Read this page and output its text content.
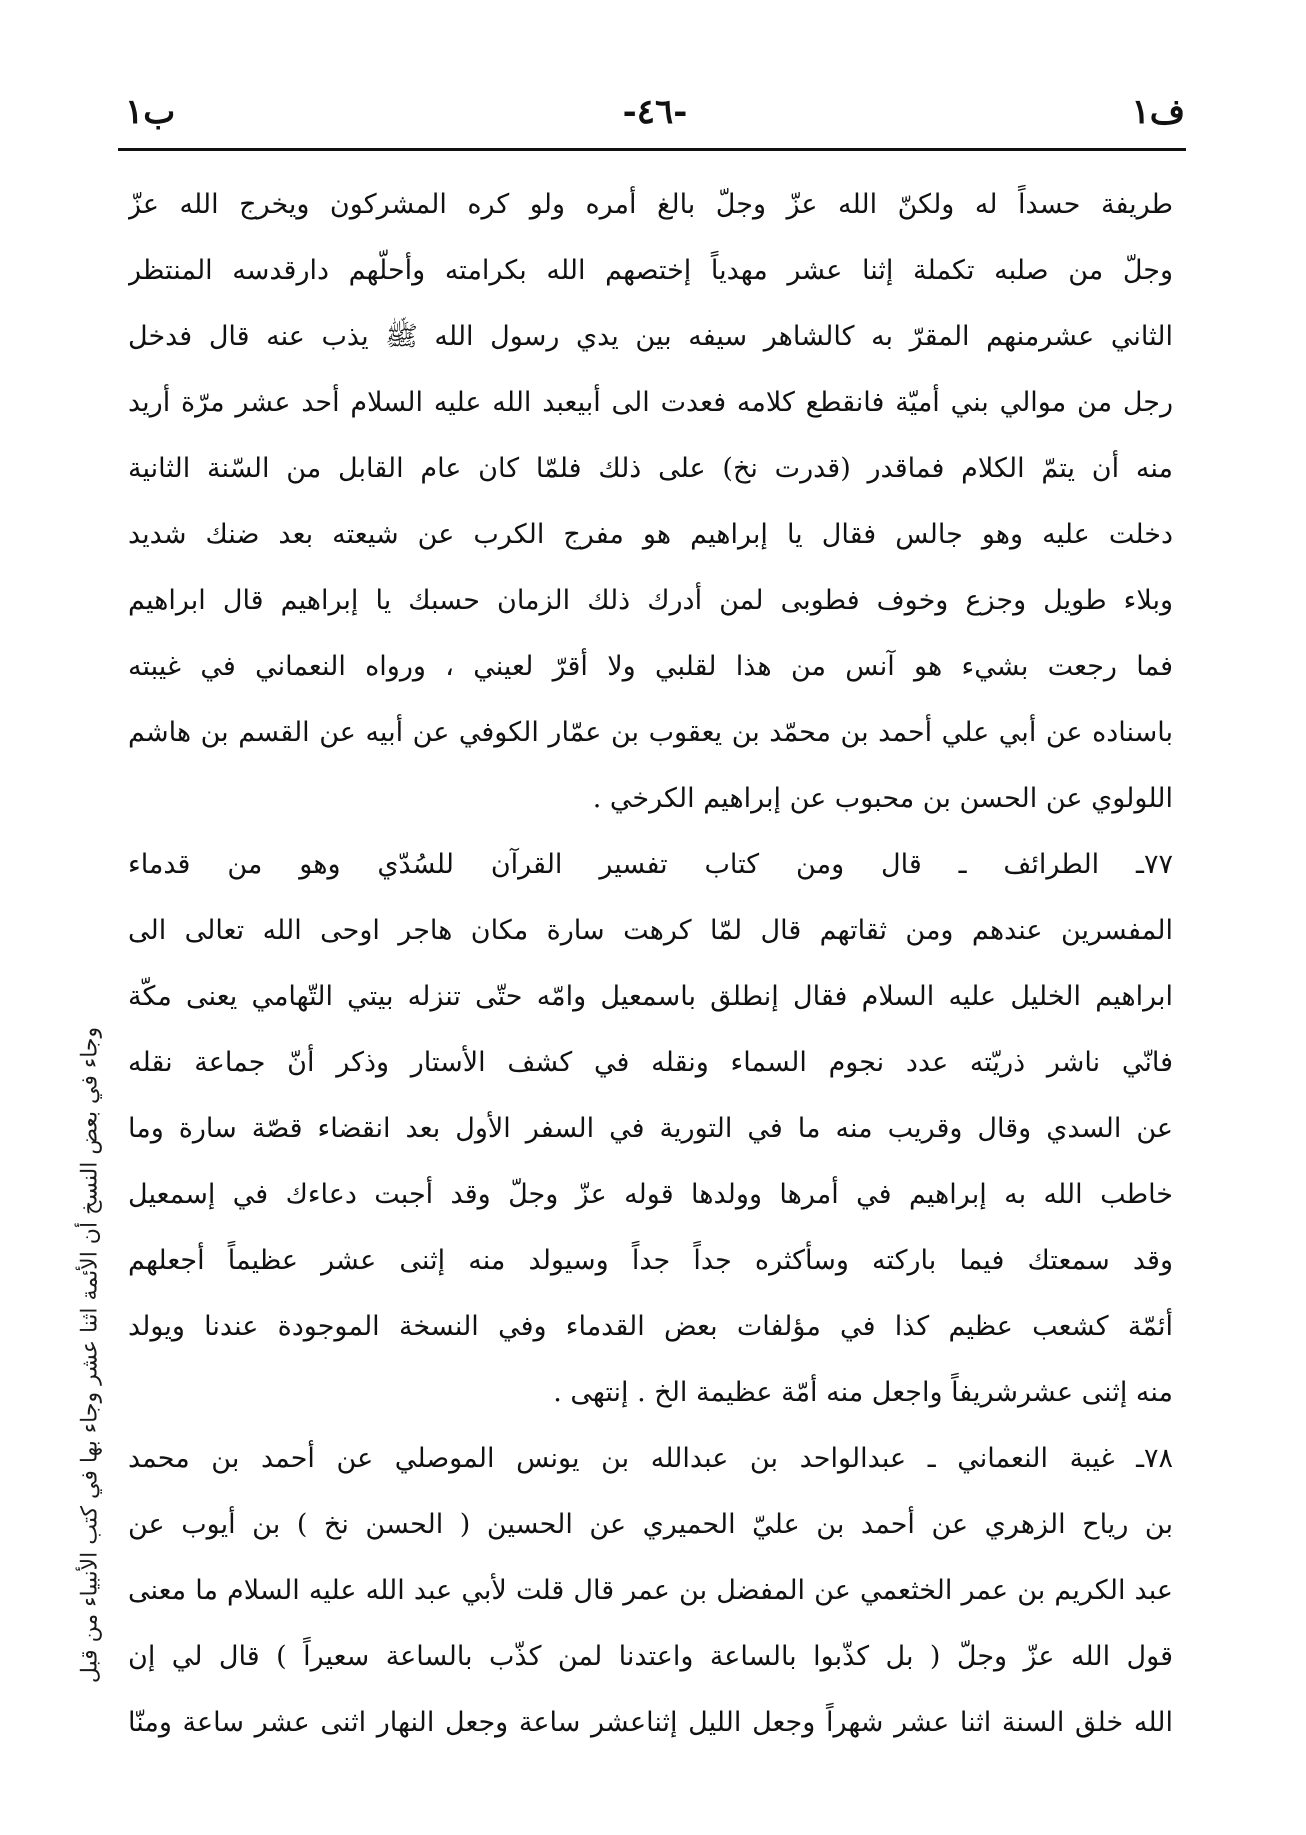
ف١
-٤٦-
ب١
طريفة حسداً له ولكنّ الله عزّ وجلّ بالغ أمره ولو كره المشركون ويخرج الله عزّ
وجلّ من صلبه تكملة إثنا عشر مهدياً إختصهم الله بكرامته وأحلّهم دارقدسه المنتظر
الثاني عشرمنهم المقرّ به كالشاهر سيفه بين يدي رسول الله ﷺ يذب عنه قال فدخل
رجل من موالي بني أميّة فانقطع كلامه فعدت الى أبيعبد الله عليه السلام أحد عشر مرّة أريد
منه أن يتمّ الكلام فماقدر (قدرت نخ) على ذلك فلمّا كان عام القابل من السّنة الثانية
دخلت عليه وهو جالس فقال يا إبراهيم هو مفرج الكرب عن شيعته بعد ضنك شديد
وبلاء طويل وجزع وخوف فطوبى لمن أدرك ذلك الزمان حسبك يا إبراهيم قال ابراهيم
فما رجعت بشيء هو آنس من هذا لقلبي ولا أقرّ لعيني ، ورواه النعماني في غيبته
باسناده عن أبي علي أحمد بن محمّد بن يعقوب بن عمّار الكوفي عن أبيه عن القسم بن هاشم
اللولوي عن الحسن بن محبوب عن إبراهيم الكرخي .
٧٧ـ الطرائف ـ قال ومن كتاب تفسير القرآن للسُدّي وهو من قدماء
المفسرين عندهم ومن ثقاتهم قال لمّا كرهت سارة مكان هاجر اوحى الله تعالى الى
ابراهيم الخليل عليه السلام فقال إنطلق باسمعيل وامّه حتّى تنزله بيتي التّهامي يعنى مكّة
فانّي ناشر ذريّته عدد نجوم السماء ونقله في كشف الأستار وذكر أنّ جماعة نقله
عن السدي وقال وقريب منه ما في التورية في السفر الأول بعد انقضاء قصّة سارة وما
خاطب الله به إبراهيم في أمرها وولدها قوله عزّ وجلّ وقد أجبت دعاءك في إسمعيل
وقد سمعتك فيما باركته وسأكثره جداً جداً وسيولد منه إثنى عشر عظيماً أجعلهم
أئمّة كشعب عظيم كذا في مؤلفات بعض القدماء وفي النسخة الموجودة عندنا ويولد
منه إثنى عشرشريفاً واجعل منه أمّة عظيمة الخ . إنتهى .
٧٨ـ غيبة النعماني ـ عبدالواحد بن عبدالله بن يونس الموصلي عن أحمد بن محمد
بن رياح الزهري عن أحمد بن عليّ الحميري عن الحسين ( الحسن نخ ) بن أيوب عن
عبد الكريم بن عمر الخثعمي عن المفضل بن عمر قال قلت لأبي عبد الله عليه السلام ما معنى
قول الله عزّ وجلّ ( بل كذّبوا بالساعة واعتدنا لمن كذّب بالساعة سعيراً ) قال لي إن
الله خلق السنة اثنا عشر شهراً وجعل الليل إثناعشر ساعة وجعل النهار اثنى عشر ساعة ومنّا
وجاء في بعض النسخ أن الأئمة اثنا عشر وجاء بها في كتب الأنبياء من قبل
